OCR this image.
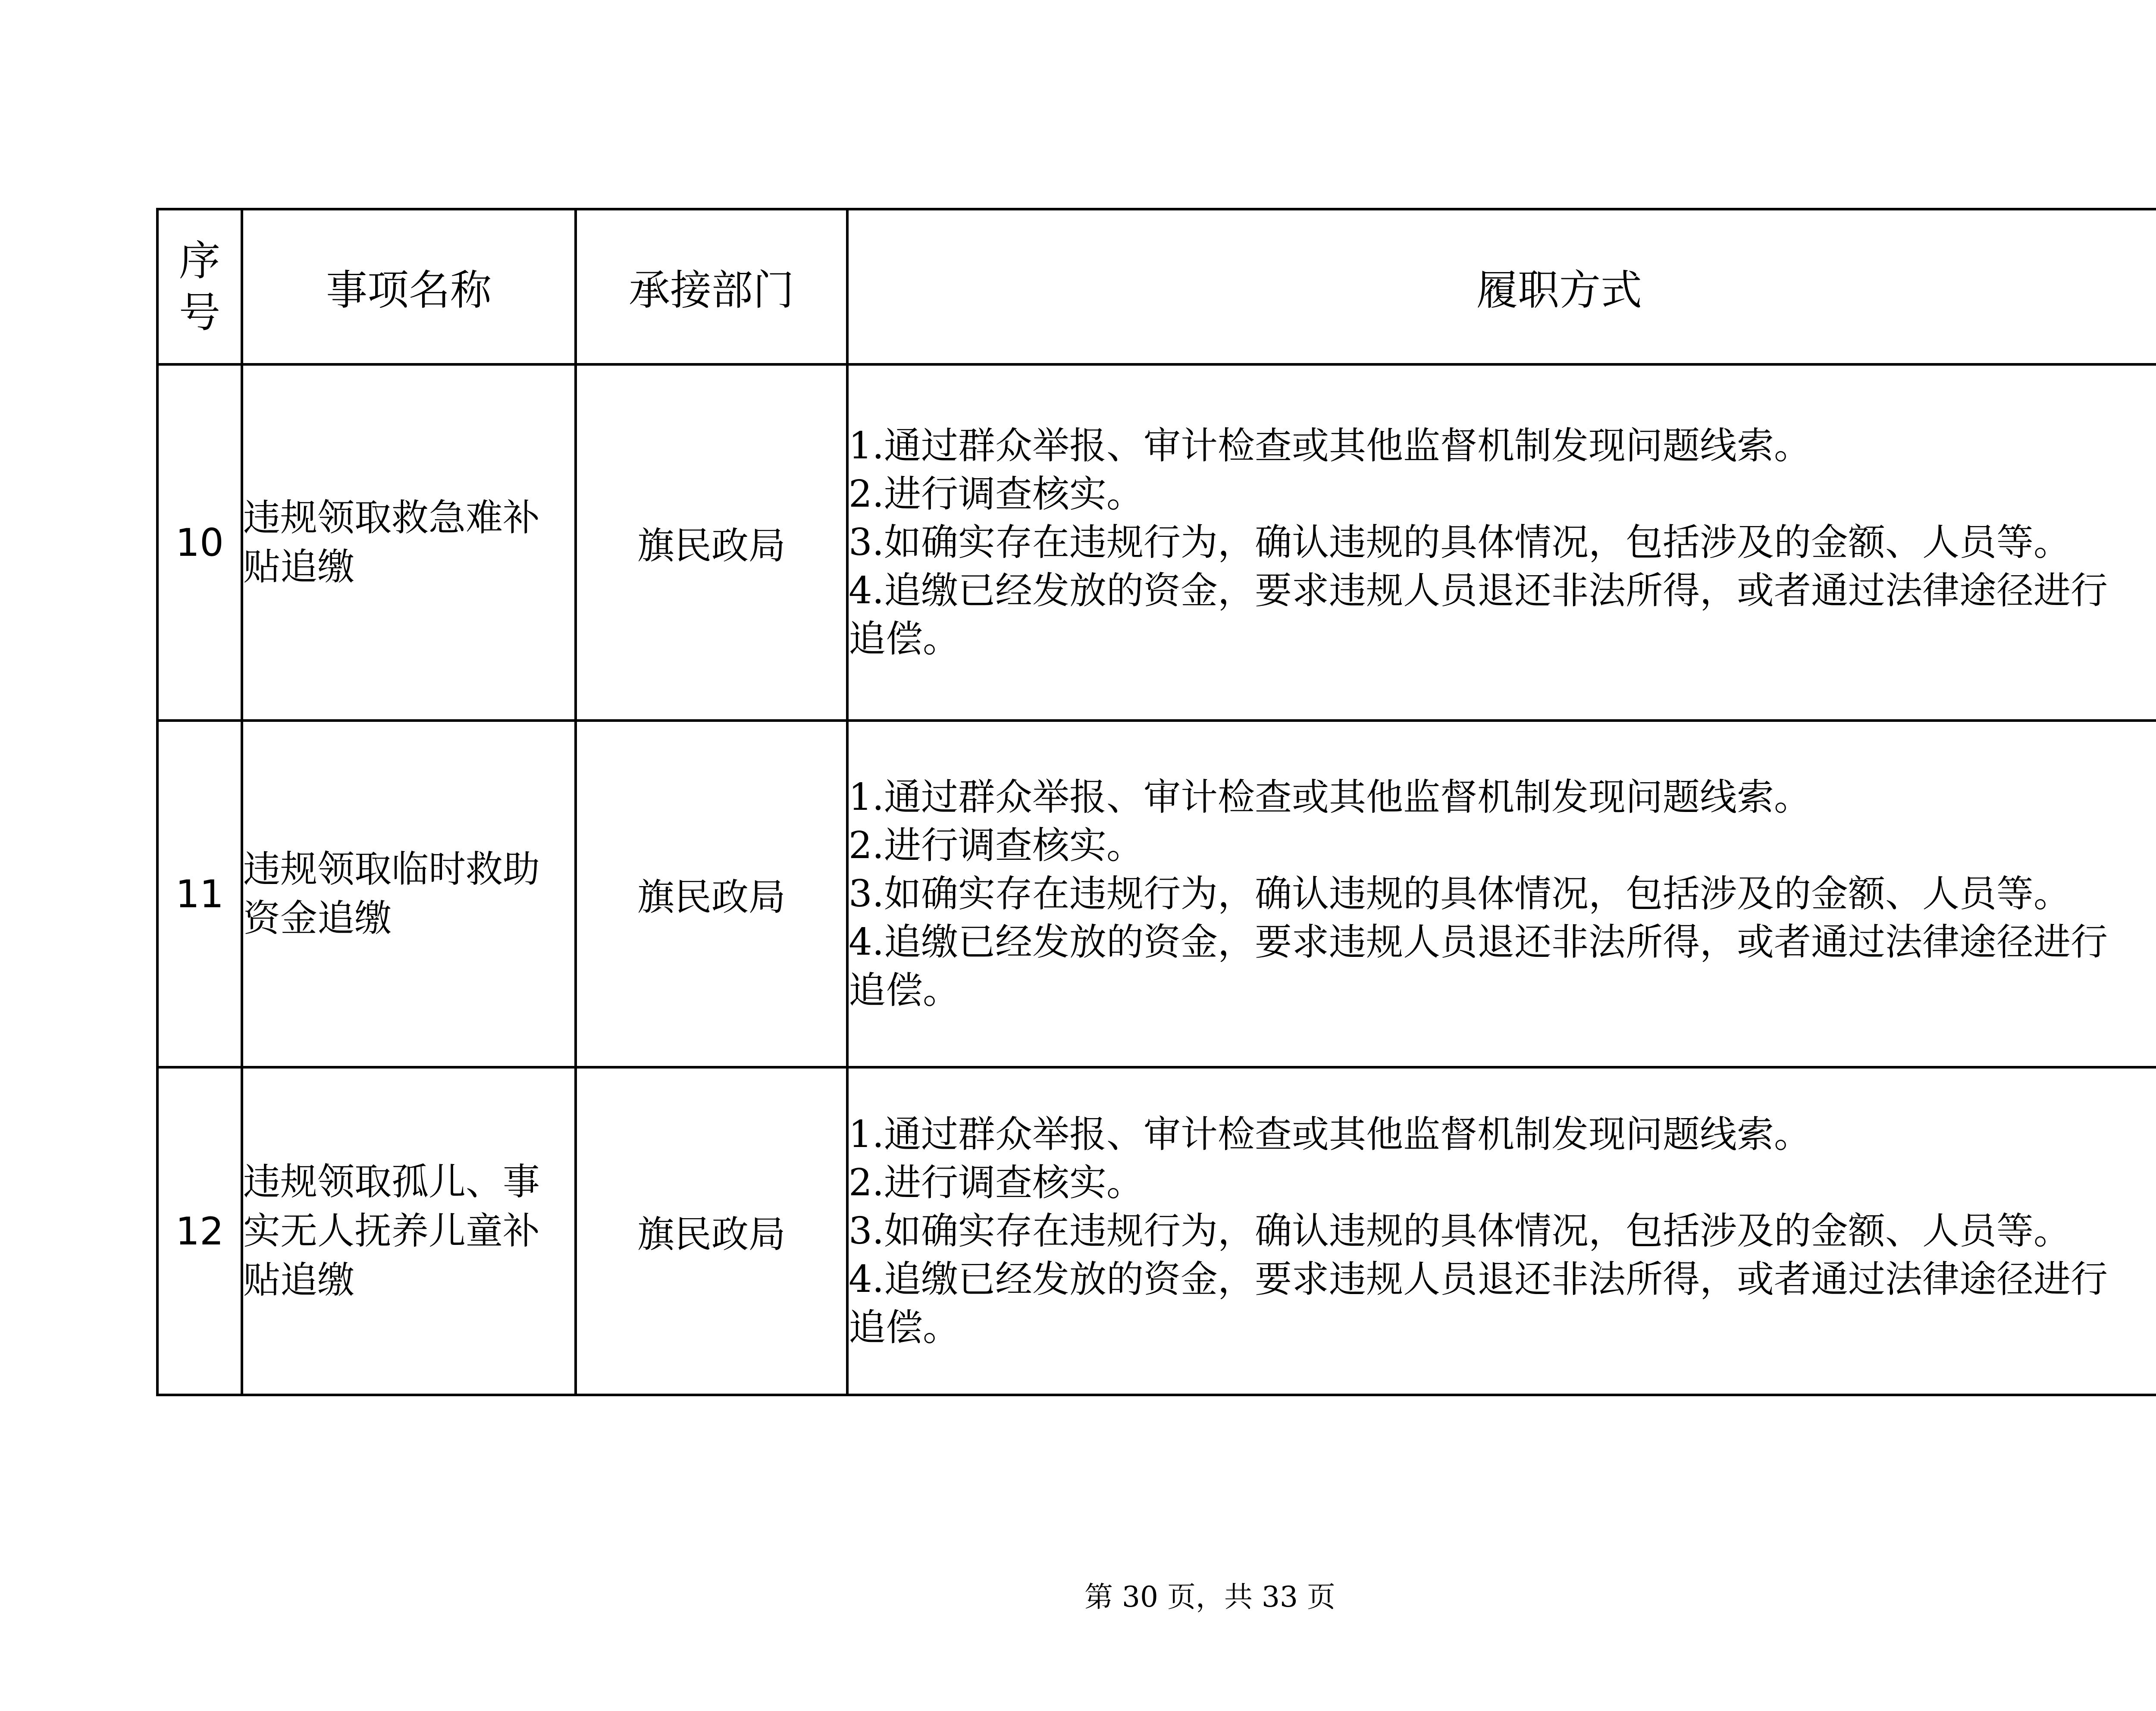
序
号	事项名称	承接部门	履职方式
10	违规领取救急难补贴追缴	旗民政局	1.通过群众举报、审计检查或其他监督机制发现问题线索。
2.进行调查核实。
3.如确实存在违规行为，确认违规的具体情况，包括涉及的金额、人员等。
4.追缴已经发放的资金，要求违规人员退还非法所得，或者通过法律途径进行
追偿。

11	违规领取临时救助资金追缴	旗民政局	1.通过群众举报、审计检查或其他监督机制发现问题线索。
2.进行调查核实。
3.如确实存在违规行为，确认违规的具体情况，包括涉及的金额、人员等。
4.追缴已经发放的资金，要求违规人员退还非法所得，或者通过法律途径进行
追偿。

12	违规领取孤儿、事实无人抚养儿童补贴追缴	旗民政局	1.通过群众举报、审计检查或其他监督机制发现问题线索。
2.进行调查核实。
3.如确实存在违规行为，确认违规的具体情况，包括涉及的金额、人员等。
4.追缴已经发放的资金，要求违规人员退还非法所得，或者通过法律途径进行
追偿。
第 30 页，共 33 页
